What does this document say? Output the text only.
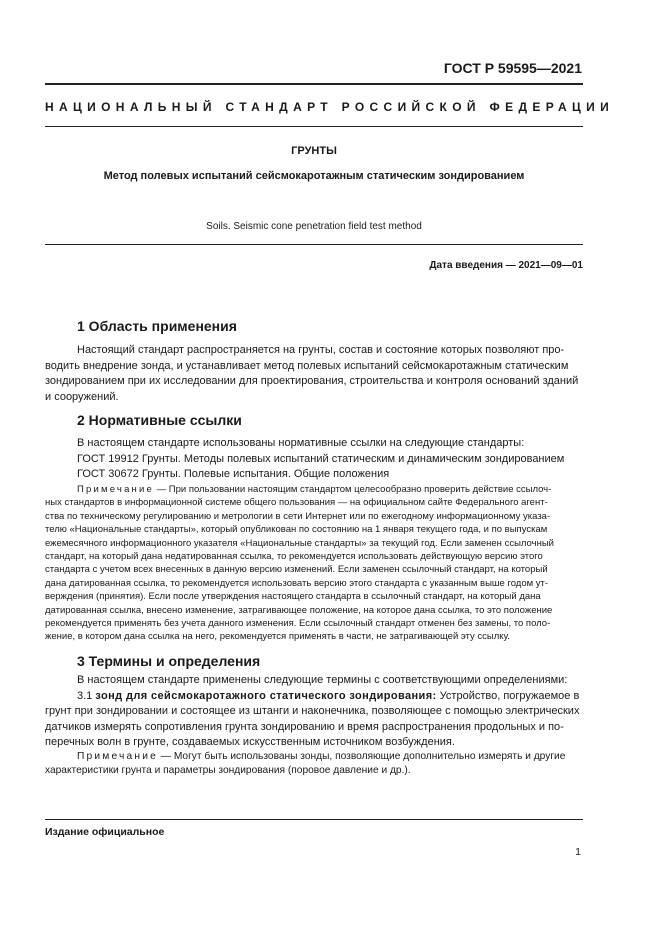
ГОСТ Р 59595—2021
НАЦИОНАЛЬНЫЙ СТАНДАРТ РОССИЙСКОЙ ФЕДЕРАЦИИ
ГРУНТЫ
Метод полевых испытаний сейсмокаротажным статическим зондированием
Soils. Seismic cone penetration field test method
Дата введения — 2021—09—01
1 Область применения
Настоящий стандарт распространяется на грунты, состав и состояние которых позволяют про-
водить внедрение зонда, и устанавливает метод полевых испытаний сейсмокаротажным статическим
зондированием при их исследовании для проектирования, строительства и контроля оснований зданий
и сооружений.
2 Нормативные ссылки
В настоящем стандарте использованы нормативные ссылки на следующие стандарты:
ГОСТ 19912 Грунты. Методы полевых испытаний статическим и динамическим зондированием
ГОСТ 30672 Грунты. Полевые испытания. Общие положения
Примечание — При пользовании настоящим стандартом целесообразно проверить действие ссылоч-
ных стандартов в информационной системе общего пользования — на официальном сайте Федерального агент-
ства по техническому регулированию и метрологии в сети Интернет или по ежегодному информационному указа-
телю «Национальные стандарты», который опубликован по состоянию на 1 января текущего года, и по выпускам
ежемесячного информационного указателя «Национальные стандарты» за текущий год. Если заменен ссылочный
стандарт, на который дана недатированная ссылка, то рекомендуется использовать действующую версию этого
стандарта с учетом всех внесенных в данную версию изменений. Если заменен ссылочный стандарт, на который
дана датированная ссылка, то рекомендуется использовать версию этого стандарта с указанным выше годом ут-
верждения (принятия). Если после утверждения настоящего стандарта в ссылочный стандарт, на который дана
датированная ссылка, внесено изменение, затрагивающее положение, на которое дана ссылка, то это положение
рекомендуется применять без учета данного изменения. Если ссылочный стандарт отменен без замены, то поло-
жение, в котором дана ссылка на него, рекомендуется применять в части, не затрагивающей эту ссылку.
3 Термины и определения
В настоящем стандарте применены следующие термины с соответствующими определениями:
3.1 зонд для сейсмокаротажного статического зондирования: Устройство, погружаемое в
грунт при зондировании и состоящее из штанги и наконечника, позволяющее с помощью электрических
датчиков измерять сопротивления грунта зондированию и время распространения продольных и по-
перечных волн в грунте, создаваемых искусственным источником возбуждения.
Примечание — Могут быть использованы зонды, позволяющие дополнительно измерять и другие
характеристики грунта и параметры зондирования (поровое давление и др.).
Издание официальное
1
